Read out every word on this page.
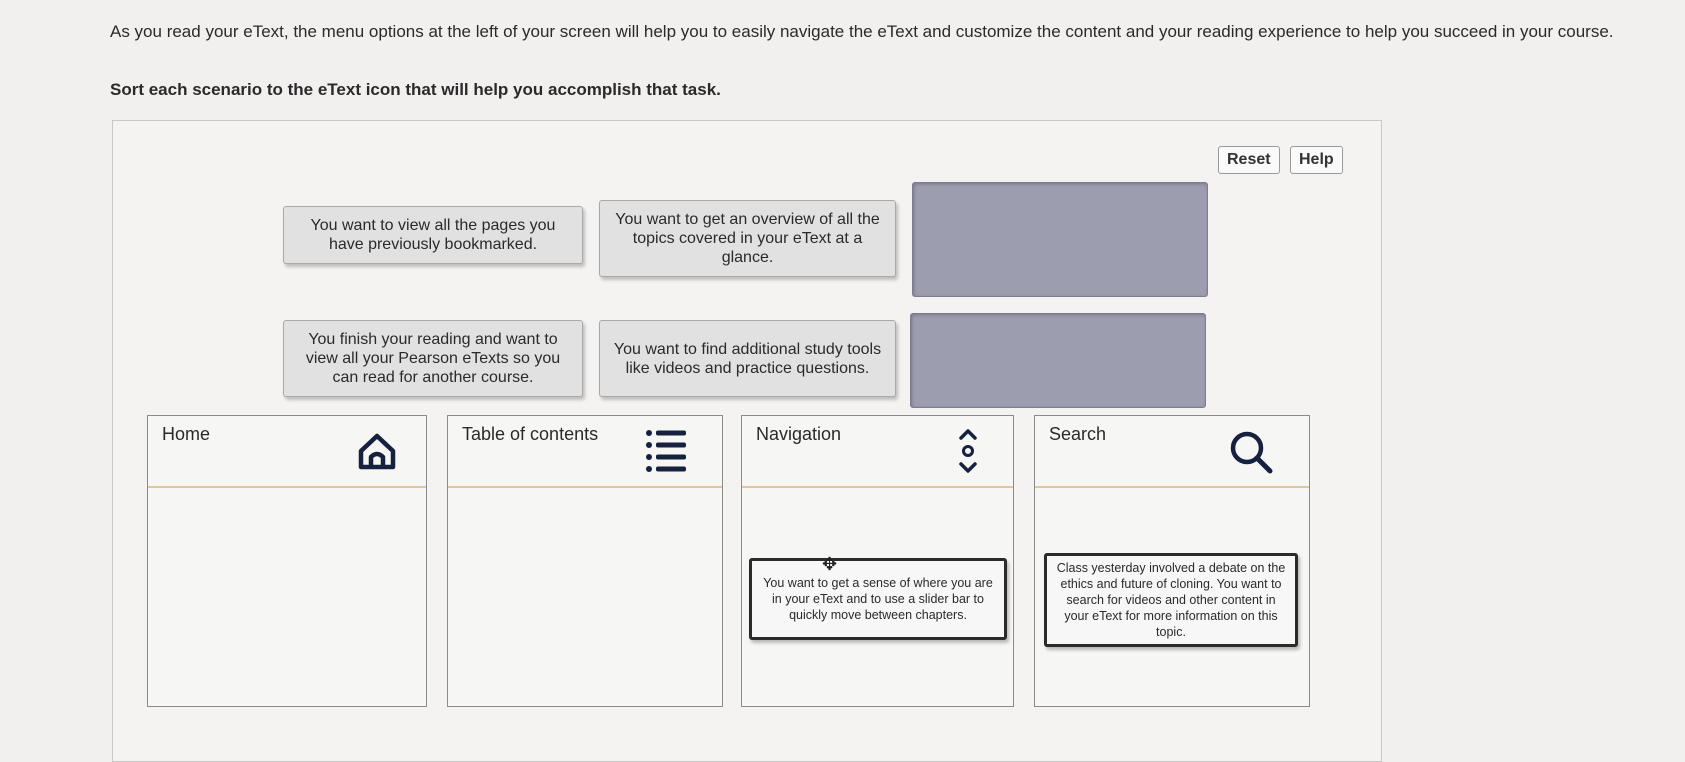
As you read your eText, the menu options at the left of your screen will help you to easily navigate the eText and customize the content and your reading experience to help you succeed in your course.
Sort each scenario to the eText icon that will help you accomplish that task.
Reset	Help
You want to view all the pages you have previously bookmarked.
You want to get an overview of all the topics covered in your eText at a glance.
You finish your reading and want to view all your Pearson eTexts so you can read for another course.
You want to find additional study tools like videos and practice questions.
Home	Table of contents	Navigation	Search
You want to get a sense of where you are in your eText and to use a slider bar to quickly move between chapters.
Class yesterday involved a debate on the ethics and future of cloning. You want to search for videos and other content in your eText for more information on this topic.
✥
